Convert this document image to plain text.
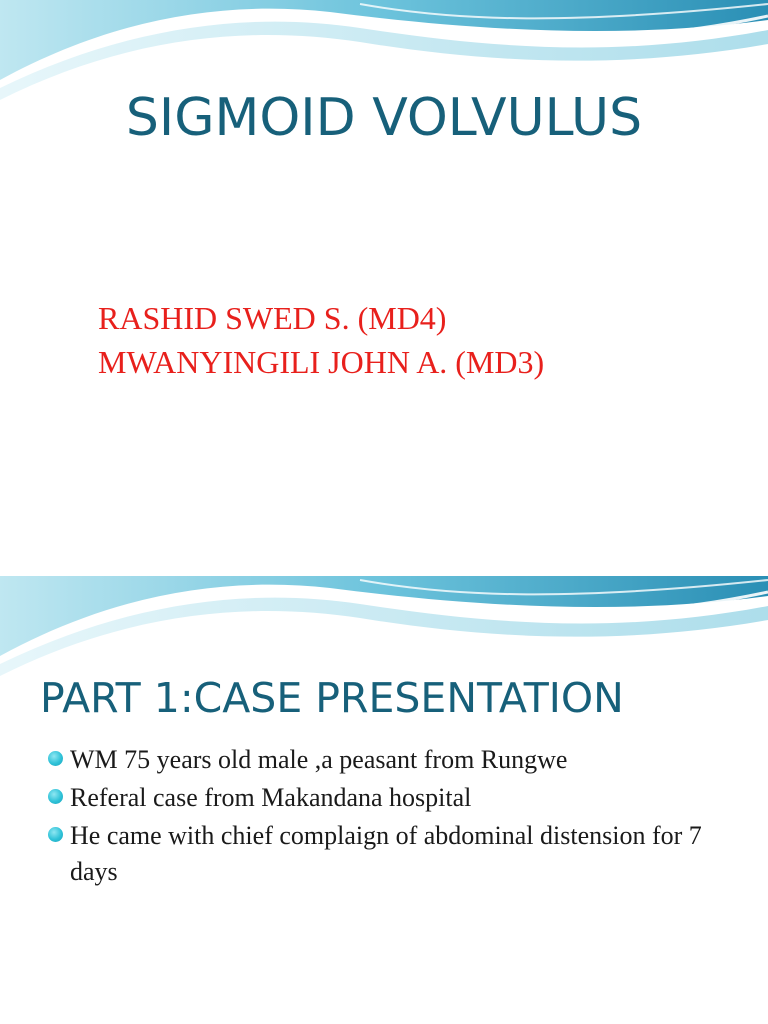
SIGMOID VOLVULUS
RASHID SWED S. (MD4)
MWANYINGILI JOHN A. (MD3)
PART 1:CASE PRESENTATION
WM 75 years old male ,a peasant from Rungwe
Referal case from Makandana hospital
He came with chief complaign of abdominal distension for 7 days
